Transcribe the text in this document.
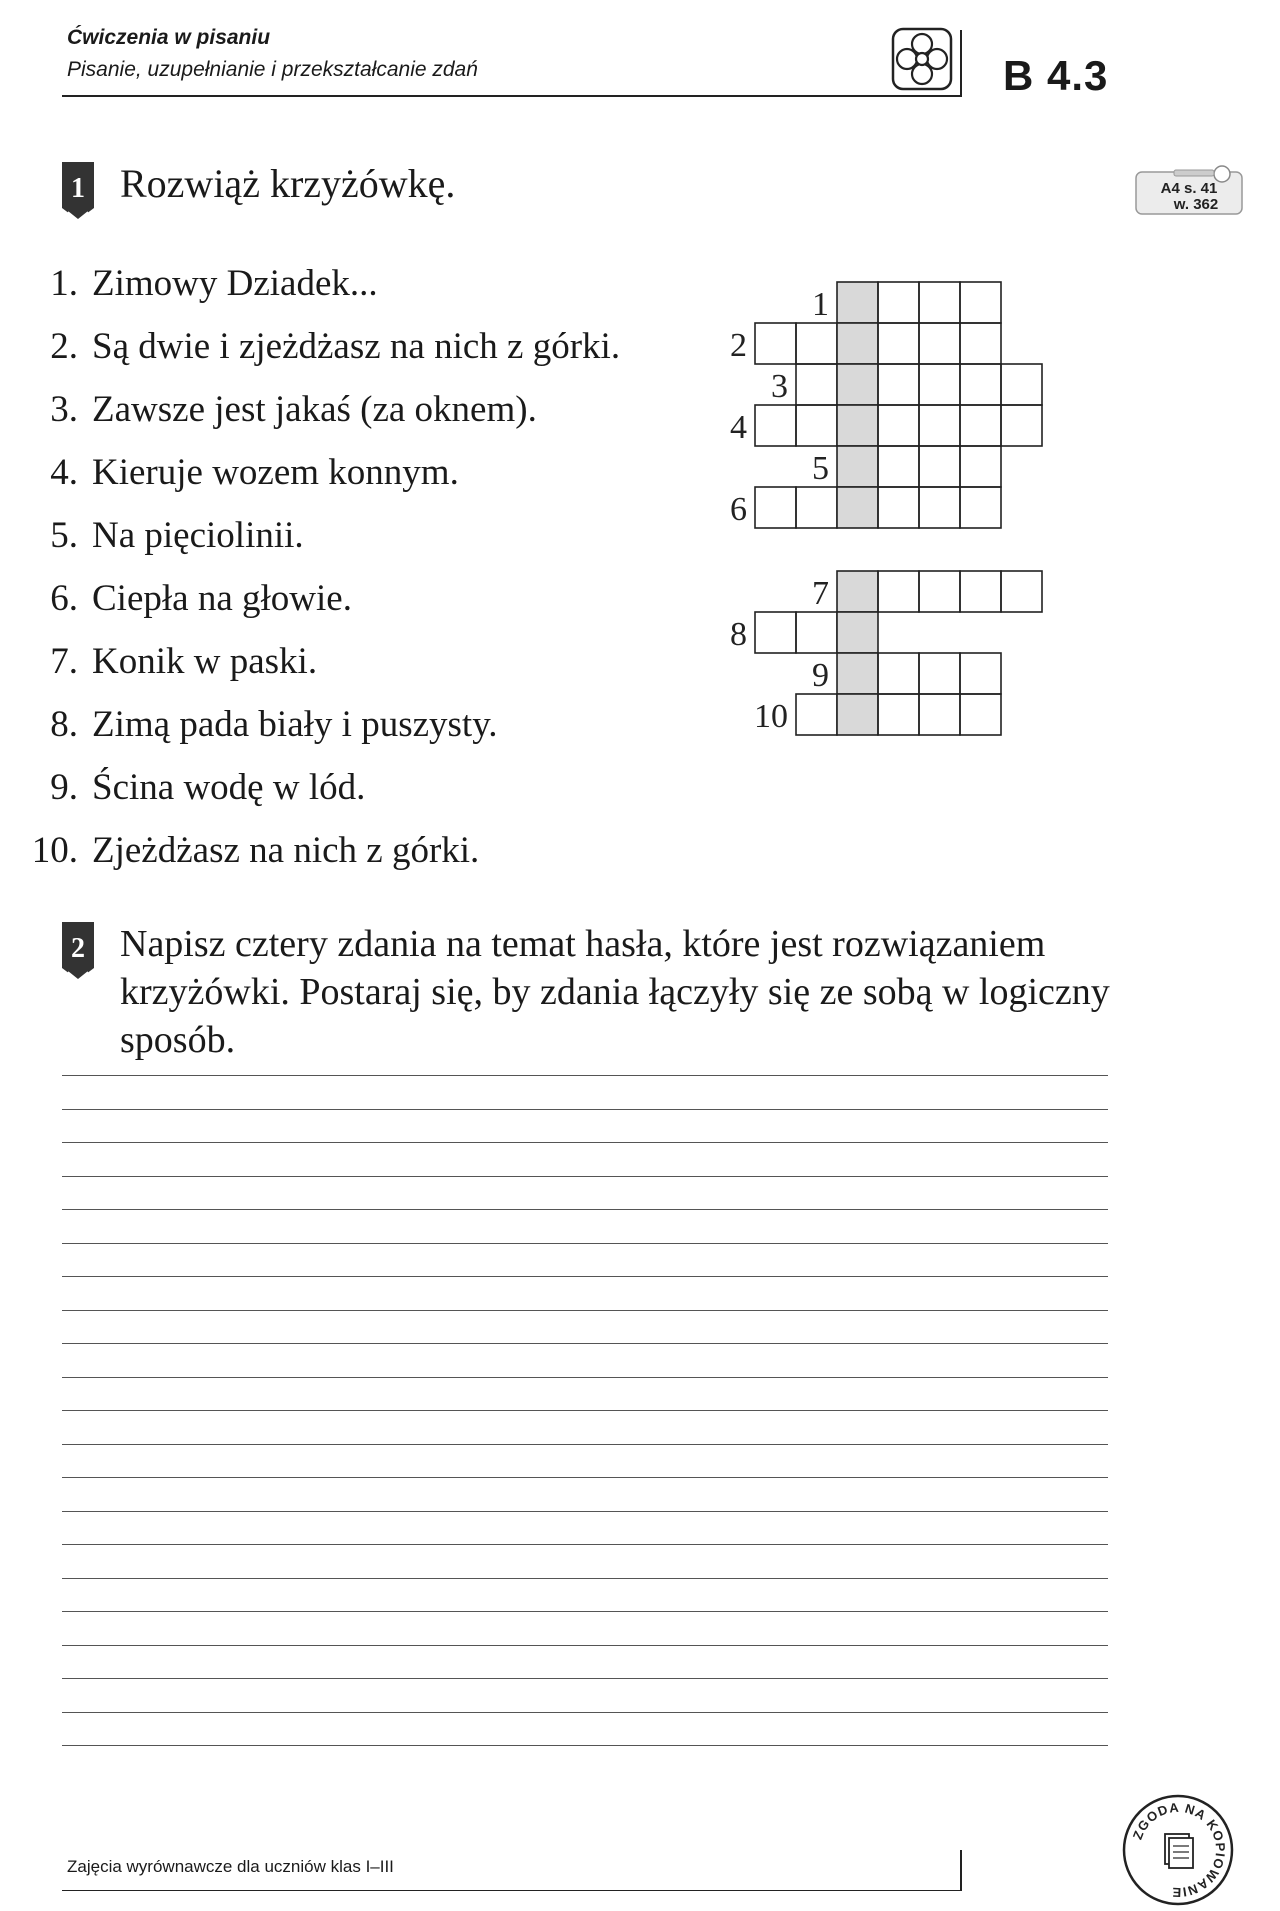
Ćwiczenia w pisaniu
Pisanie, uzupełnianie i przekształcanie zdań	B 4.3
A4 s. 41
w. 362
1 Rozwiąż krzyżówkę.
1. Zimowy Dziadek...
2. Są dwie i zjeżdżasz na nich z górki.
3. Zawsze jest jakaś (za oknem).
4. Kieruje wozem konnym.
5. Na pięciolinii.
6. Ciepła na głowie.
7. Konik w paski.
8. Zimą pada biały i puszysty.
9. Ścina wodę w lód.
10. Zjeżdżasz na nich z górki.
1
2
3
4
5
6
7
8
9
10
2 Napisz cztery zdania na temat hasła, które jest rozwiązaniem krzyżówki. Postaraj się, by zdania łączyły się ze sobą w logiczny sposób.
Zajęcia wyrównawcze dla uczniów klas I–III
ZGODA NA KOPIOWANIE
